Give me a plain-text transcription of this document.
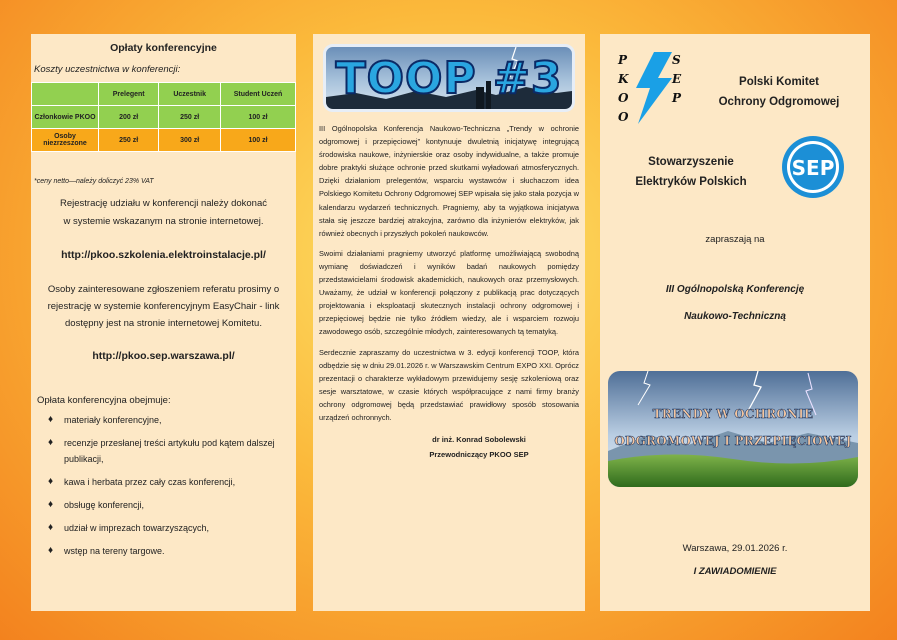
Opłaty konferencyjne
Koszty uczestnictwa w konferencji:
	Prelegent	Uczestnik	Student Uczeń
Członkowie PKOO	200 zł	250 zł	100 zł
Osoby niezrzeszone	250 zł	300 zł	100 zł
*ceny netto—należy doliczyć 23% VAT
Rejestrację udziału w konferencji należy dokonać
w systemie wskazanym na stronie internetowej.
http://pkoo.szkolenia.elektroinstalacje.pl/
Osoby zainteresowane zgłoszeniem referatu prosimy o
rejestrację w systemie konferencyjnym EasyChair - link
dostępny jest na stronie internetowej Komitetu.
http://pkoo.sep.warszawa.pl/
Opłata konferencyjna obejmuje:
♦ materiały konferencyjne,
♦ recenzje przesłanej treści artykułu pod kątem dalszej publikacji,
♦ kawa i herbata przez cały czas konferencji,
♦ obsługę konferencji,
♦ udział w imprezach towarzyszących,
♦ wstęp na tereny targowe.
TOOP #3

III Ogólnopolska Konferencja Naukowo-Techniczna „Trendy w ochronie odgromowej i przepięciowej” kontynuuje dwuletnią inicjatywę integrującą środowiska naukowe, inżynierskie oraz osoby indywidualne, a także promuje dobre praktyki służące ochronie przed skutkami wyładowań atmosferycznych. Dzięki działaniom prelegentów, wsparciu wystawców i słuchaczom idea Polskiego Komitetu Ochrony Odgromowej SEP wpisała się jako stała pozycja w kalendarzu wydarzeń technicznych. Pragniemy, aby ta wyjątkowa inicjatywa stała się jeszcze bardziej atrakcyjna, zarówno dla inżynierów elektryków, jak również obecnych i przyszłych pokoleń naukowców.

Swoimi działaniami pragniemy utworzyć platformę umożliwiającą swobodną wymianę doświadczeń i wyników badań naukowych pomiędzy przedstawicielami środowisk akademickich, naukowych oraz przemysłowych. Uważamy, że udział w konferencji połączony z publikacją prac dotyczących projektowania i eksploatacji skutecznych instalacji ochrony odgromowej i przepięciowej będzie nie tylko źródłem wiedzy, ale i wsparciem rozwoju zawodowego osób, szczególnie młodych, zainteresowanych tą tematyką.

Serdecznie zapraszamy do uczestnictwa w 3. edycji konferencji TOOP, która odbędzie się w dniu 29.01.2026 r. w Warszawskim Centrum EXPO XXI. Oprócz prezentacji o charakterze wykładowym przewidujemy sesję szkoleniową oraz sesje warsztatowe, w czasie których współpracujące z nami firmy branży ochrony odgromowej będą przedstawiać prawidłowy sposób stosowania urządzeń ochronnych.

dr inż. Konrad Sobolewski
Przewodniczący PKOO SEP
P
K
O
O
S
E
P
Polski Komitet
Ochrony Odgromowej
Stowarzyszenie
Elektryków Polskich
SEP
zapraszają na
III Ogólnopolską Konferencję
Naukowo-Techniczną
TRENDY W OCHRONIE
ODGROMOWEJ I PRZEPIĘCIOWEJ
Warszawa, 29.01.2026 r.
I ZAWIADOMIENIE
